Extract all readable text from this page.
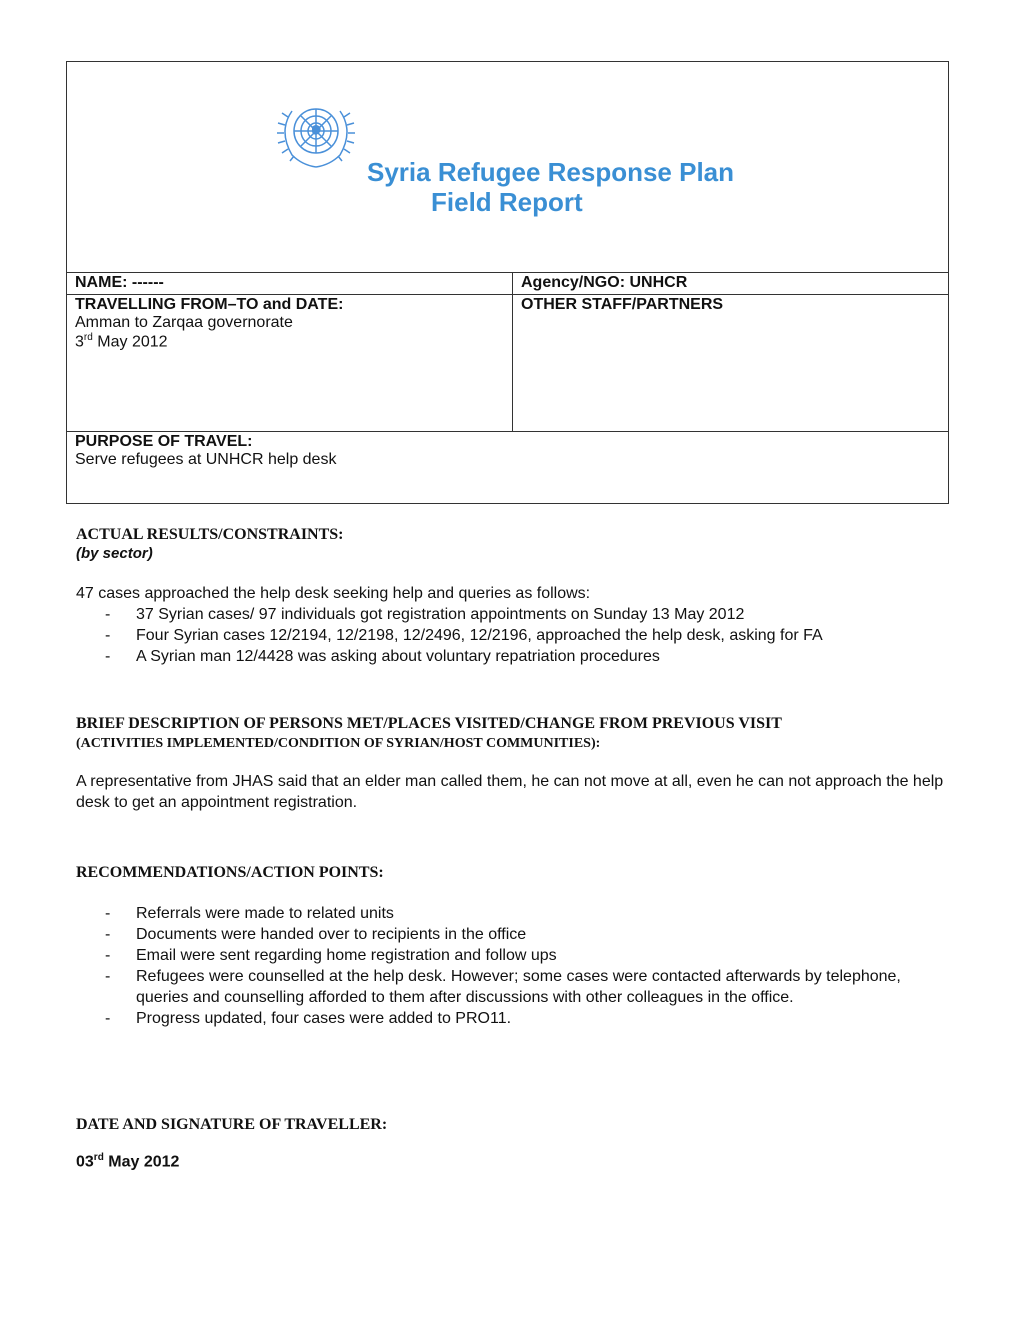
Syria Refugee Response Plan
Field Report
NAME: ------	Agency/NGO: UNHCR

TRAVELLING FROM–TO and DATE:
Amman to Zarqaa governorate
3rd May 2012	OTHER STAFF/PARTNERS

PURPOSE OF TRAVEL:
Serve refugees at UNHCR help desk	
ACTUAL RESULTS/CONSTRAINTS:
(by sector)
47 cases approached the help desk seeking help and queries as follows:
- 37 Syrian cases/ 97 individuals got registration appointments on Sunday 13 May 2012
- Four Syrian cases 12/2194, 12/2198, 12/2496, 12/2196, approached the help desk, asking for FA
- A Syrian man 12/4428 was asking about voluntary repatriation procedures
BRIEF DESCRIPTION OF PERSONS MET/PLACES VISITED/CHANGE FROM PREVIOUS VISIT
(ACTIVITIES IMPLEMENTED/CONDITION OF SYRIAN/HOST COMMUNITIES):
A representative from JHAS said that an elder man called them, he can not move at all, even he can not approach the help desk to get an appointment registration.
RECOMMENDATIONS/ACTION POINTS:
- Referrals were made to related units
- Documents were handed over to recipients in the office
- Email were sent regarding home registration and follow ups
- Refugees were counselled at the help desk. However; some cases were contacted afterwards by telephone, queries and counselling afforded to them after discussions with other colleagues in the office.
- Progress updated, four cases were added to PRO11.
DATE AND SIGNATURE OF TRAVELLER:
03rd May 2012
